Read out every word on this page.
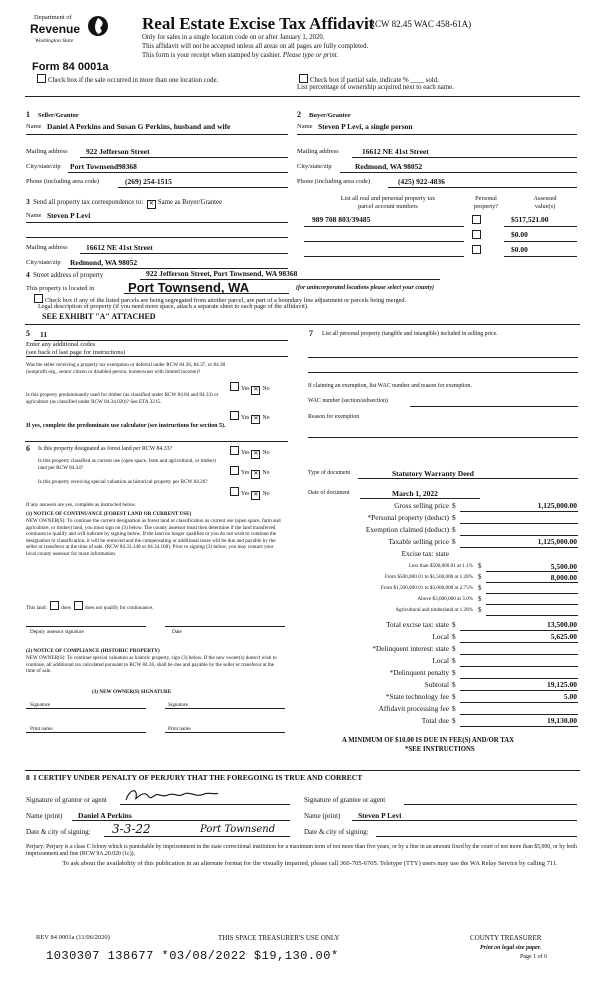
Department of
Revenue
Washington State
Real Estate Excise Tax Affidavit
(RCW 82.45 WAC 458-61A)
Only for sales in a single location code on or after January 1, 2020.
This affidavit will not be accepted unless all areas on all pages are fully completed.
This form is your receipt when stamped by cashier. Please type or print.
Form 84 0001a
Check box if the sale occurred in more than one location code.	Check box if partial sale, indicate % ____ sold.
List percentage of ownership acquired next to each name.
1 Seller/Grantor
Name Daniel A Perkins and Susan G Perkins, husband and wife
2 Buyer/Grantee
Name Steven P Levi, a single person
Mailing address 922 Jefferson Street
City/state/zip Port Townsend98368
Phone (including area code)	(269) 254-1515
Mailing address	16612 NE 41st Street
City/state/zip	Redmond, WA 98052
Phone (including area code)	(425) 922-4836
3 Send all property tax correspondence to: ✕ Same as Buyer/Grantee
Name Steven P Levi
Mailing address 16612 NE 41st Street
City/state/zip Redmond, WA 98052
List all real and personal property tax
parcel account numbers
Personal
property?
Assessed
value(s)
989 708 803/39485	$517,521.00
$0.00
$0.00
4 Street address of property	922 Jefferson Street, Port Townsend, WA 98368
This property is located in	Port Townsend, WA	(for unincorporated locations please select your county)
Check box if any of the listed parcels are being segregated from another parcel, are part of a boundary line adjustment or parcels being merged.
Legal description of property (if you need more space, attach a separate sheet to each page of the affidavit).
SEE EXHIBIT "A" ATTACHED
5 11
Enter any additional codes
(see back of last page for instructions)
Was the seller receiving a property tax exemption or deferral under RCW 84.36, 84.37, or 84.38 (nonprofit org., senior citizen or disabled person, homeowner with limited income)?
Yes ✕ No
Is this property predominantly used for timber (as classified under RCW 84.84 and 84.33) or agriculture (as classified under RCW 84.34.020)? See ETA 3215.
Yes ✕ No
If yes, complete the predominate use calculator (see instructions for section 5).
6 Is this property designated as forest land per RCW 84.33?
Yes ✕ No
Is this property classified as current use (open space, farm and agricultural, or timber) land per RCW 84.34?
Yes ✕ No
Is this property receiving special valuation as historical property per RCW 84.26?
Yes ✕ No
If any answers are yes, complete as instructed below.
(1) NOTICE OF CONTINUANCE (FOREST LAND OR CURRENT USE)
NEW OWNER(S): To continue the current designation as forest land or classification as current use (open space, farm and agriculture, or timber) land, you must sign on (3) below. The county assessor must then determine if the land transferred continues to qualify and will indicate by signing below. If the land no longer qualifies or you do not wish to continue the designation or classification, it will be removed and the compensating or additional taxes will be due and payable by the seller or transferor at the time of sale. (RCW 84.33.140 or 84.34.108). Prior to signing (3) below, you may contact your local county assessor for more information.
This land:	does	does not qualify for continuance.
Deputy assessor signature	Date
(2) NOTICE OF COMPLIANCE (HISTORIC PROPERTY)
NEW OWNER(S): To continue special valuation as historic property, sign (3) below. If the new owner(s) doesn't wish to continue, all additional tax calculated pursuant to RCW 84.26, shall be due and payable by the seller or transferor at the time of sale.
(3) NEW OWNER(S) SIGNATURE
Signature	Signature
Print name	Print name
7 List all personal property (tangible and intangible) included in selling price.
If claiming an exemption, list WAC number and reason for exemption.
WAC number (section/subsection)
Reason for exemption
Type of document	Statutory Warranty Deed
Date of document	March 1, 2022
Gross selling price $	1,125,000.00
*Personal property (deduct) $
Exemption claimed (deduct) $
Taxable selling price $	1,125,000.00
Excise tax: state
Less than $500,000.01 at 1.1% $	5,500.00
From $500,000.01 to $1,500,000 at 1.28% $	8,000.00
From $1,500,000.01 to $3,000,000 at 2.75% $
Above $3,000,000 at 3.0% $
Agricultural and timberland at 1.28% $
Total excise tax: state $	13,500.00
Local $	5,625.00
*Delinquent interest: state $
Local $
*Delinquent penalty $
Subtotal $	19,125.00
*State technology fee $	5.00
Affidavit processing fee $
Total due $	19,130.00
A MINIMUM OF $10.00 IS DUE IN FEE(S) AND/OR TAX
*SEE INSTRUCTIONS
8 I CERTIFY UNDER PENALTY OF PERJURY THAT THE FOREGOING IS TRUE AND CORRECT
Signature of grantor or agent	Signature of grantee or agent
Name (print) Daniel A Perkins	Name (print) Steven P Levi
Date & city of signing: 3-3-22	Port Townsend	Date & city of signing:
Perjury: Perjury is a class C felony which is punishable by imprisonment in the state correctional institution for a maximum term of not more than five years, or by a fine in an amount fixed by the court of not more than $5,000, or by both imprisonment and fine (RCW 9A.20.020 (1c)).
To ask about the availability of this publication in an alternate format for the visually impaired, please call 360-705-6705. Teletype (TTY) users may use the WA Relay Service by calling 711.
REV 84 0001a (11/06/2020)	THIS SPACE TREASURER'S USE ONLY	COUNTY TREASURER
Print on legal size paper.
Page 1 of 6
1030307 138677 *03/08/2022 $19,130.00*
